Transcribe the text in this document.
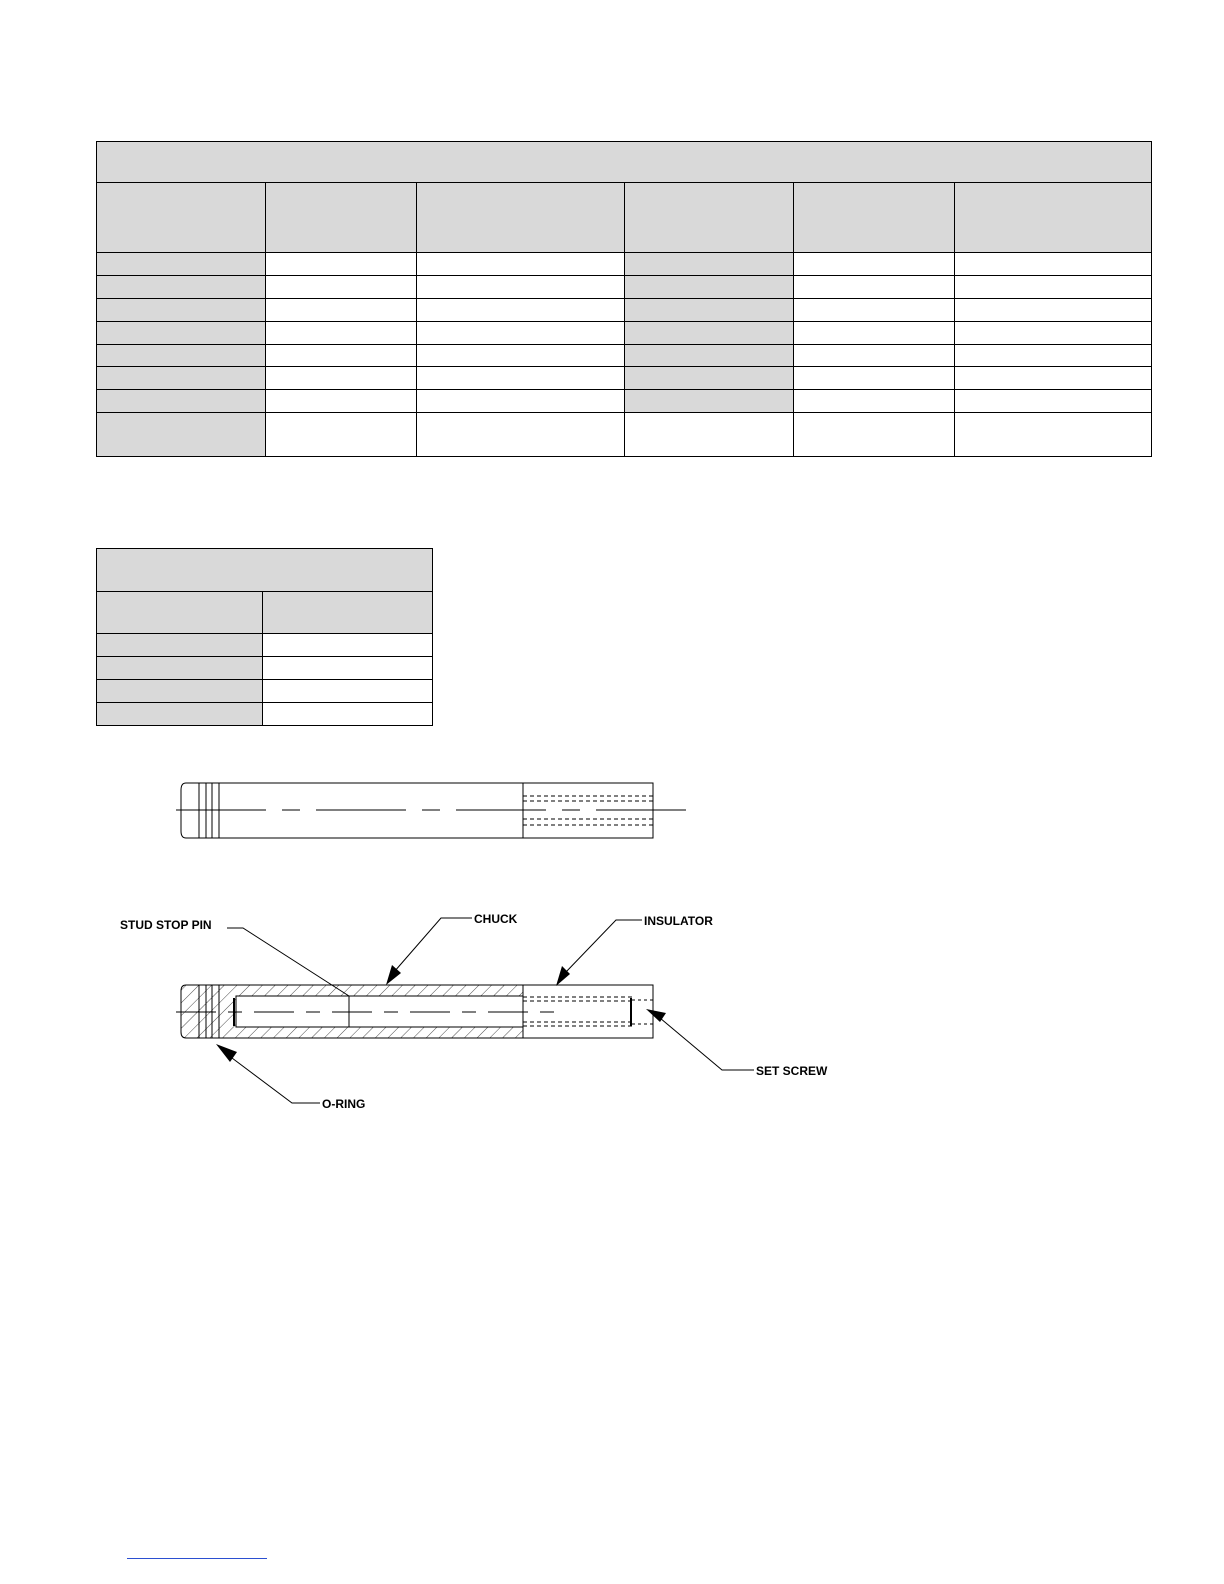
STUD STOP PIN	CHUCK	INSULATOR
SET SCREW
O-RING
